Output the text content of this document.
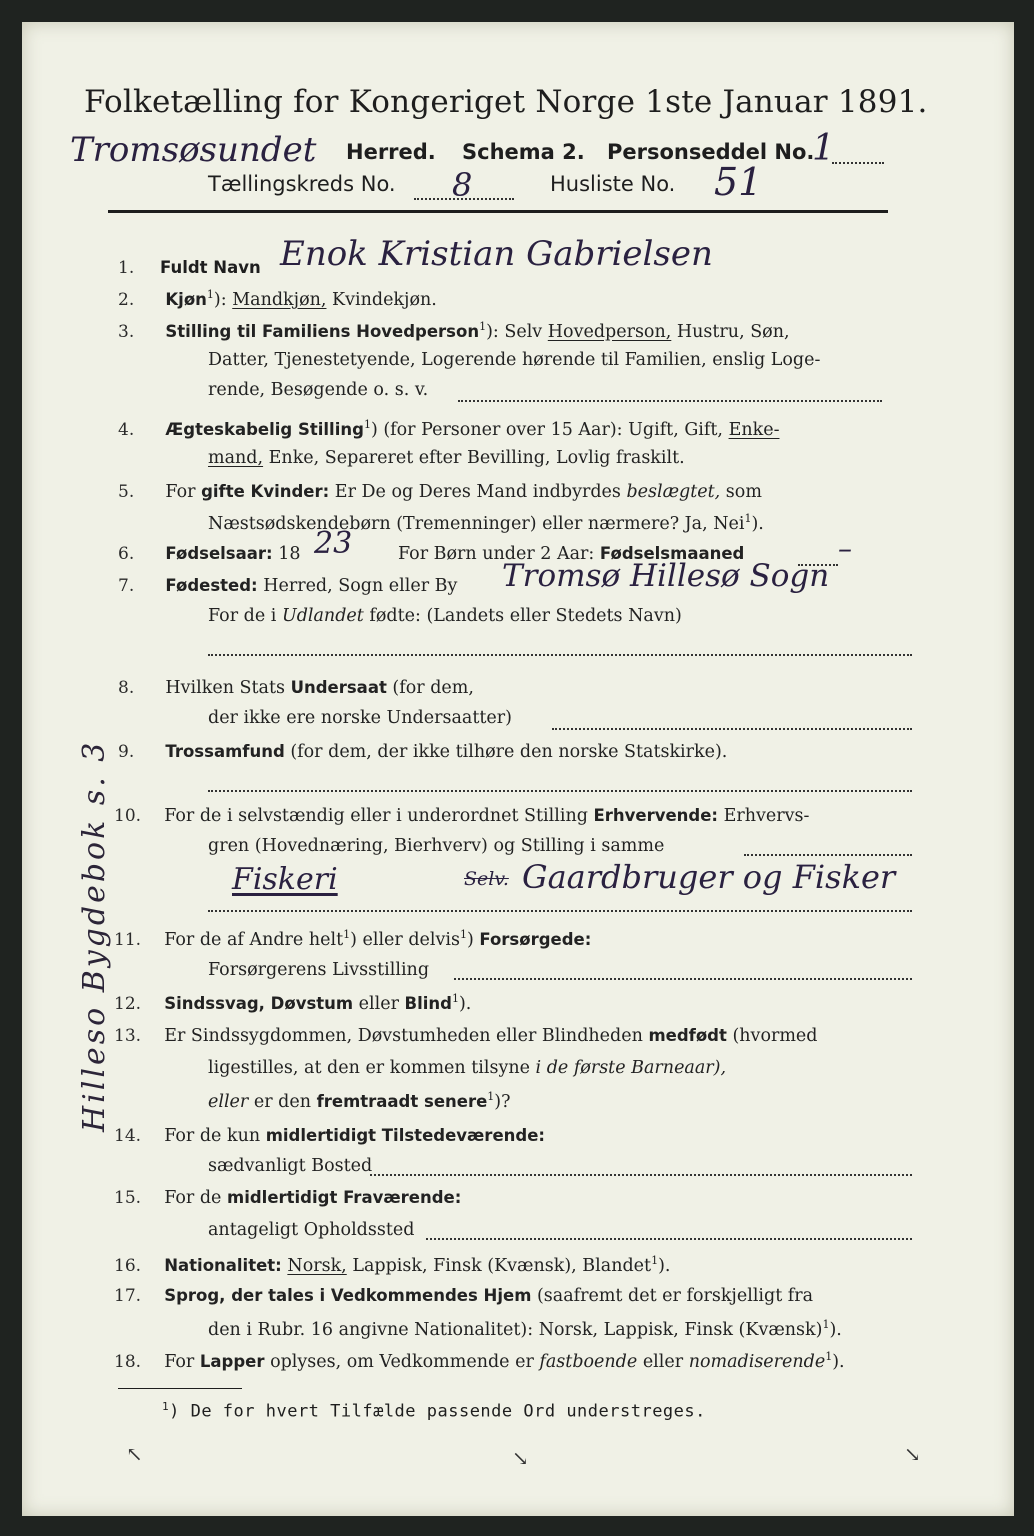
Folketælling for Kongeriget Norge 1ste Januar 1891.
Tromsøsundet Herred. Schema 2. Personseddel No.
1
Tællingskreds No. 8	Husliste No. 51
1. Fuldt Navn Enok Kristian Gabrielsen
2. Kjøn$^1$): Mandkjøn, Kvindekjøn.
3. Stilling til Familiens Hovedperson$^1$): Selv Hovedperson, Hustru, Søn,
Datter, Tjenestetyende, Logerende hørende til Familien, enslig Loge-
rende, Besøgende o. s. v.
4. Ægteskabelig Stilling$^1$) (for Personer over 15 Aar): Ugift, Gift, Enke-
mand, Enke, Separeret efter Bevilling, Lovlig fraskilt.
5. For gifte Kvinder: Er De og Deres Mand indbyrdes beslægtet, som
Næstsødskendebørn (Tremenninger) eller nærmere? Ja, Nei$^1$).
6. Fødselsaar: 18 23	For Børn under 2 Aar: Fødselsmaaned	–
7. Fødested: Herred, Sogn eller By Tromsø Hillesø Sogn
For de i Udlandet fødte: (Landets eller Stedets Navn)
8. Hvilken Stats Undersaat (for dem,
der ikke ere norske Undersaatter)
9. Trossamfund (for dem, der ikke tilhøre den norske Statskirke).
10. For de i selvstændig eller i underordnet Stilling Erhvervende: Erhvervs-
gren (Hovednæring, Bierhverv) og Stilling i samme
Fiskeri	Selv. Gaardbruger og Fisker
11. For de af Andre helt$^1$) eller delvis$^1$) Forsørgede:
Forsørgerens Livsstilling
12. Sindssvag, Døvstum eller Blind$^1$).
13. Er Sindssygdommen, Døvstumheden eller Blindheden medfødt (hvormed
ligestilles, at den er kommen tilsyne i de første Barneaar),
eller er den fremtraadt senere$^1$)?
14. For de kun midlertidigt Tilstedeværende:
sædvanligt Bosted
15. For de midlertidigt Fraværende:
antageligt Opholdssted
16. Nationalitet: Norsk, Lappisk, Finsk (Kvænsk), Blandet$^1$).
17. Sprog, der tales i Vedkommendes Hjem (saafremt det er forskjelligt fra
den i Rubr. 16 angivne Nationalitet): Norsk, Lappisk, Finsk (Kvænsk)$^1$).
18. For Lapper oplyses, om Vedkommende er fastboende eller nomadiserende$^1$).
$^1$) De for hvert Tilfælde passende Ord understreges.
Hilleso Bygdebok s. 3
↖	↘	↘
